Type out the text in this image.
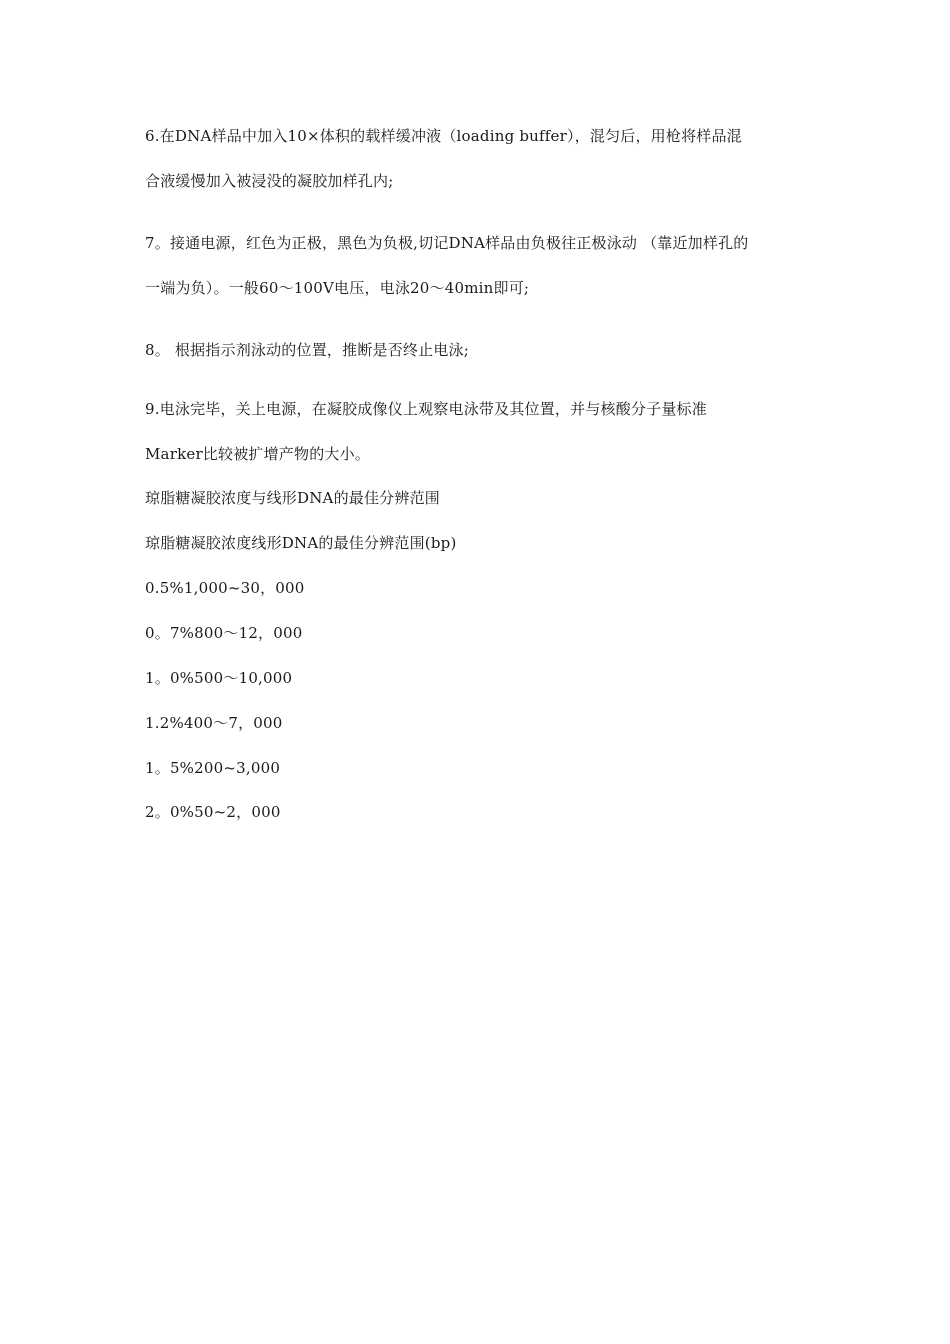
6.在DNA样品中加入10×体积的载样缓冲液（loading buffer），混匀后，用枪将样品混
合液缓慢加入被浸没的凝胶加样孔内;
7。接通电源，红色为正极，黑色为负极,切记DNA样品由负极往正极泳动 （靠近加样孔的
一端为负）。一般60～100V电压，电泳20～40min即可;
8。 根据指示剂泳动的位置，推断是否终止电泳;
9.电泳完毕，关上电源，在凝胶成像仪上观察电泳带及其位置，并与核酸分子量标准
Marker比较被扩增产物的大小。
琼脂糖凝胶浓度与线形DNA的最佳分辨范围
琼脂糖凝胶浓度线形DNA的最佳分辨范围(bp)
0.5%1,000~30，000
0。7%800～12，000
1。0%500～10,000
1.2%400～7，000
1。5%200~3,000
2。0%50~2，000
